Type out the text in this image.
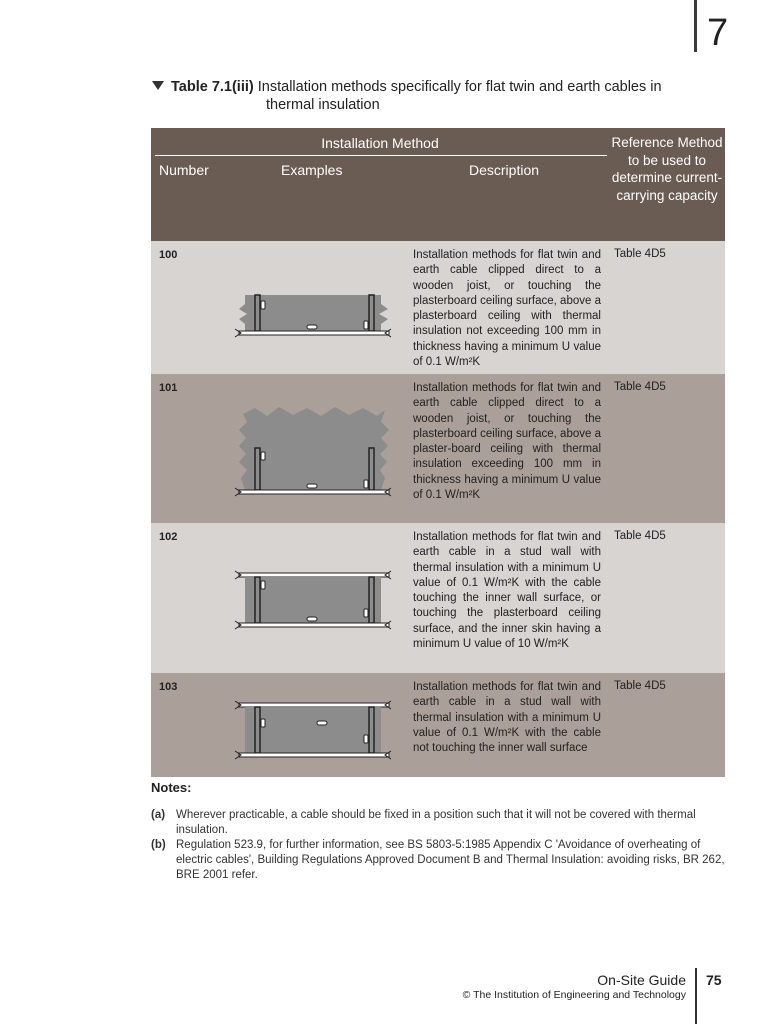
7
Table 7.1(iii) Installation methods specifically for flat twin and earth cables in
thermal insulation
Installation Method
Number	Examples	Description
Reference Method to be used to determine current-carrying capacity
100	Installation methods for flat twin and earth cable clipped direct to a wooden joist, or touching the plasterboard ceiling surface, above a plasterboard ceiling with thermal insulation not exceeding 100 mm in thickness having a minimum U value of 0.1 W/m²K
Table 4D5
101	Installation methods for flat twin and earth cable clipped direct to a wooden joist, or touching the plasterboard ceiling surface, above a plaster-board ceiling with thermal insulation exceeding 100 mm in thickness having a minimum U value of 0.1 W/m²K
Table 4D5
102	Installation methods for flat twin and earth cable in a stud wall with thermal insulation with a minimum U value of 0.1 W/m²K with the cable touching the inner wall surface, or touching the plasterboard ceiling surface, and the inner skin having a minimum U value of 10 W/m²K
Table 4D5
103	Installation methods for flat twin and earth cable in a stud wall with thermal insulation with a minimum U value of 0.1 W/m²K with the cable not touching the inner wall surface
Table 4D5
Notes:
(a) Wherever practicable, a cable should be fixed in a position such that it will not be covered with thermal insulation.
(b) Regulation 523.9, for further information, see BS 5803-5:1985 Appendix C 'Avoidance of overheating of electric cables', Building Regulations Approved Document B and Thermal Insulation: avoiding risks, BR 262, BRE 2001 refer.
On-Site Guide
© The Institution of Engineering and Technology
75
